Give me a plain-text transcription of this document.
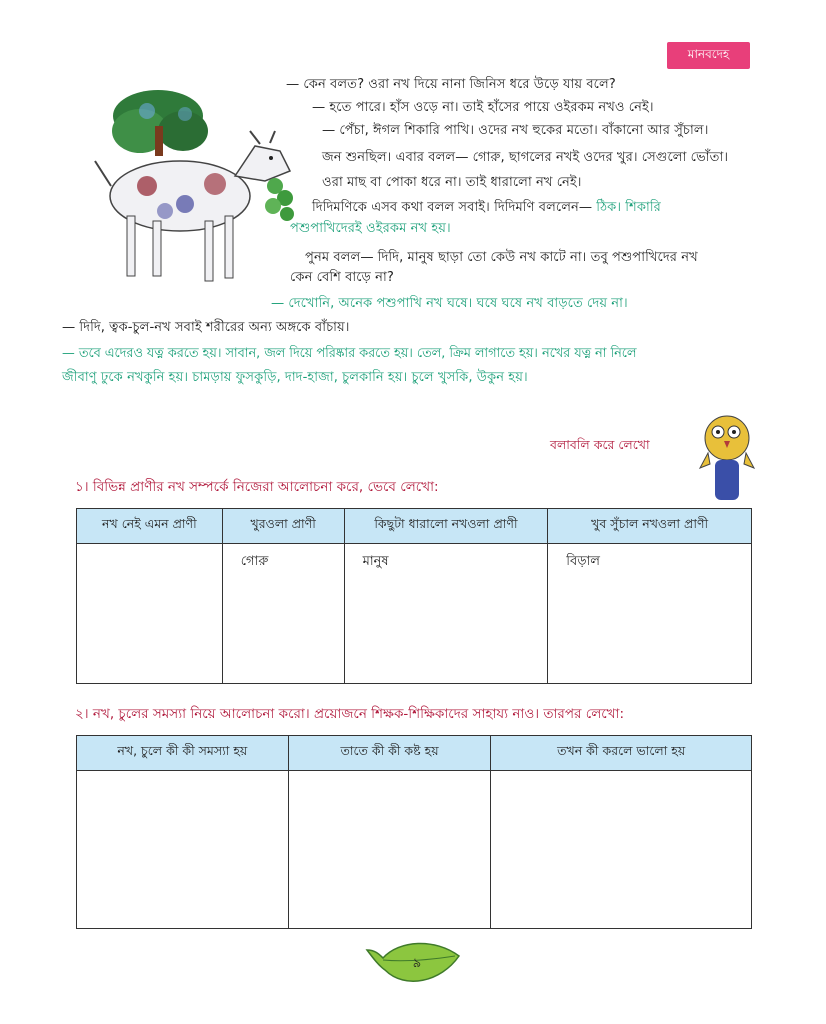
মানবদেহ
— কেন বলত? ওরা নখ দিয়ে নানা জিনিস ধরে উড়ে যায় বলে?
— হতে পারে। হাঁস ওড়ে না। তাই হাঁসের পায়ে ওইরকম নখও নেই।
— পেঁচা, ঈগল শিকারি পাখি। ওদের নখ হুকের মতো। বাঁকানো আর সুঁচাল।
জন শুনছিল। এবার বলল— গোরু, ছাগলের নখই ওদের খুর। সেগুলো ভোঁতা।
ওরা মাছ বা পোকা ধরে না। তাই ধারালো নখ নেই।
দিদিমণিকে এসব কথা বলল সবাই। দিদিমণি বললেন— ঠিক। শিকারি
পশুপাখিদেরই ওইরকম নখ হয়।
পুনম বলল— দিদি, মানুষ ছাড়া তো কেউ নখ কাটে না। তবু পশুপাখিদের নখ
কেন বেশি বাড়ে না?
— দেখোনি, অনেক পশুপাখি নখ ঘষে। ঘষে ঘষে নখ বাড়তে দেয় না।
— দিদি, ত্বক-চুল-নখ সবাই শরীরের অন্য অঙ্গকে বাঁচায়।
— তবে এদেরও যত্ন করতে হয়। সাবান, জল দিয়ে পরিষ্কার করতে হয়। তেল, ক্রিম লাগাতে হয়। নখের যত্ন না নিলে
জীবাণু ঢুকে নখকুনি হয়। চামড়ায় ফুসকুড়ি, দাদ-হাজা, চুলকানি হয়। চুলে খুসকি, উকুন হয়।
বলাবলি করে লেখো
১। বিভিন্ন প্রাণীর নখ সম্পর্কে নিজেরা আলোচনা করে, ভেবে লেখো:
নখ নেই এমন প্রাণী	খুরওলা প্রাণী	কিছুটা ধারালো নখওলা প্রাণী	খুব সুঁচাল নখওলা প্রাণী
	গোরু	মানুষ	বিড়াল
২। নখ, চুলের সমস্যা নিয়ে আলোচনা করো। প্রয়োজনে শিক্ষক-শিক্ষিকাদের সাহায্য নাও। তারপর লেখো:
নখ, চুলে কী কী সমস্যা হয়	তাতে কী কী কষ্ট হয়	তখন কী করলে ভালো হয়

৯
